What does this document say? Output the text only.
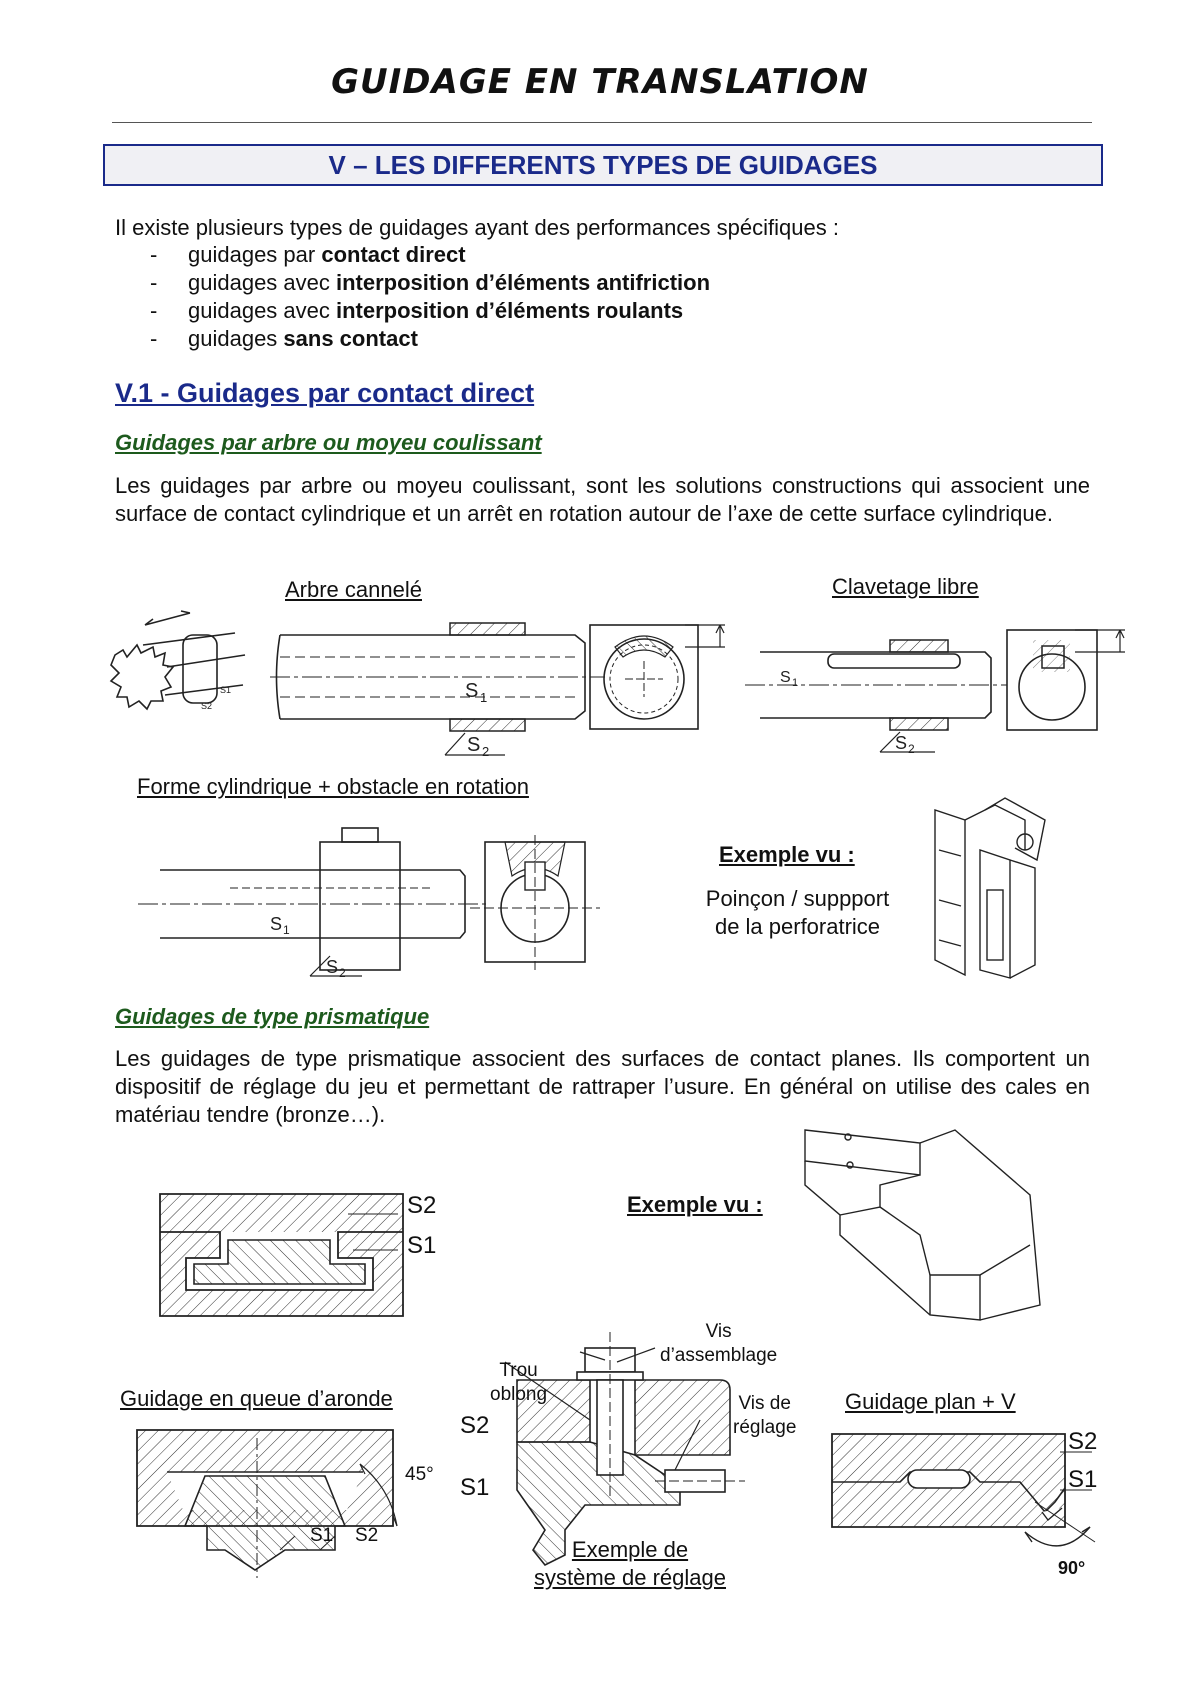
GUIDAGE EN TRANSLATION
V – LES DIFFERENTS TYPES DE GUIDAGES
Il existe plusieurs types de guidages ayant des performances spécifiques :
- guidages par contact direct
- guidages avec interposition d’éléments antifriction
- guidages avec interposition d’éléments roulants
- guidages sans contact
V.1 - Guidages par contact direct
Guidages par arbre ou moyeu coulissant
Les guidages par arbre ou moyeu coulissant, sont les solutions constructions qui associent une surface de contact cylindrique et un arrêt en rotation autour de l’axe de cette surface cylindrique.
Arbre cannelé	Clavetage libre
S1
S2
S 1
S 2
S 1
S 2
Forme cylindrique + obstacle en rotation
S 1
S 2
Exemple vu :
Poinçon / suppport
de la perforatrice
Guidages de type prismatique
Les guidages de type prismatique associent des surfaces de contact planes. Ils comportent un dispositif de réglage du jeu et permettant de rattraper l’usure. En général on utilise des cales en matériau tendre (bronze…).
S2
S1
Exemple vu :
Guidage en queue d’aronde	Guidage plan + V
45°
S1 S2
Trou
oblong
Vis
d’assemblage
Vis de
réglage
S2
S1
Exemple de
système de réglage
S2
S1
90°
